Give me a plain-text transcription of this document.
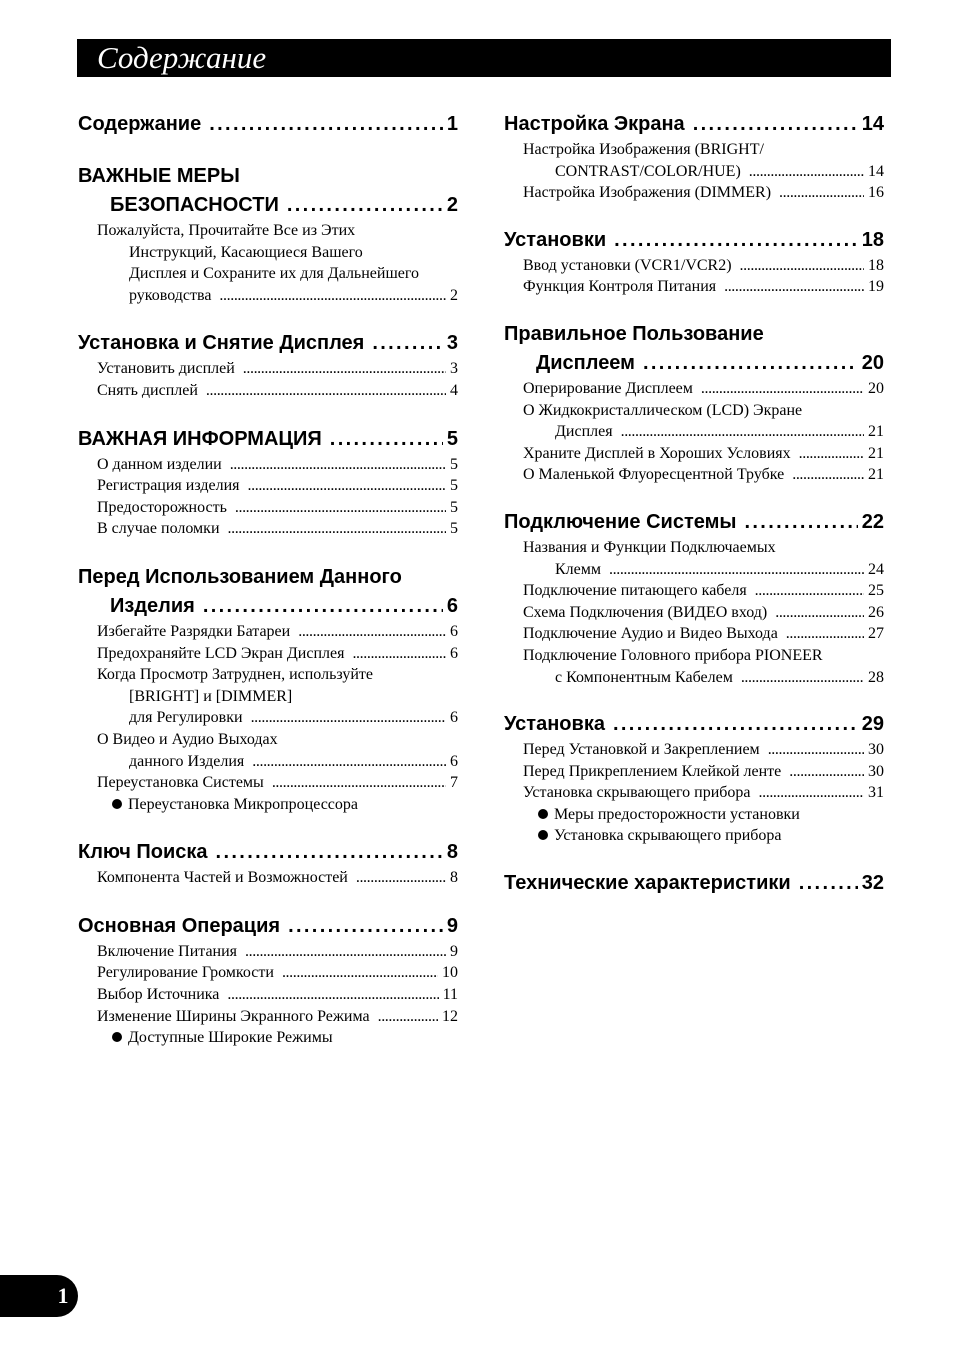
Содержание
Содержание . . .	1
ВАЖНЫЕ МЕРЫ
БЕЗОПАСНОСТИ . . .	2
Пожалуйста, Прочитайте Все из Этих
Инструкций, Касающиеся Вашего
Дисплея и Сохраните их для Дальнейшего
руководства . . .	2
Установка и Снятие Дисплея . . .	3
Установить дисплей . . .	3
Снять дисплей . . .	4
ВАЖНАЯ ИНФОРМАЦИЯ . . .	5
О данном изделии . . .	5
Регистрация изделия . . .	5
Предосторожность . . .	5
В случае поломки . . .	5
Перед Использованием Данного
Изделия . . .	6
Избегайте Разрядки Батареи . . .	6
Предохраняйте LCD Экран Дисплея . . .	6
Когда Просмотр Затруднен, используйте
[BRIGHT] и [DIMMER]
для Регулировки . . .	6
О Видео и Аудио Выходах
данного Изделия . . .	6
Переустановка Системы . . .	7
Переустановка Микропроцессора
Ключ Поиска . . .	8
Компонента Частей и Возможностей . . .	8
Основная Операция . . .	9
Включение Питания . . .	9
Регулирование Громкости . . .	10
Выбор Источника . . .	11
Изменение Ширины Экранного Режима . . .	12
Доступные Широкие Режимы
Настройка Экрана . . .	14
Настройка Изображения (BRIGHT/
CONTRAST/COLOR/HUE) . . .	14
Настройка Изображения (DIMMER) . . .	16
Установки . . .	18
Ввод установки (VCR1/VCR2) . . .	18
Функция Контроля Питания . . .	19
Правильное Пользование
Дисплеем . . .	20
Оперирование Дисплеем . . .	20
О Жидкокристаллическом (LCD) Экране
Дисплея . . .	21
Храните Дисплей в Хороших Условиях . . .	21
О Маленькой Флуоресцентной Трубке . . .	21
Подключение Системы . . .	22
Названия и Функции Подключаемых
Клемм . . .	24
Подключение питающего кабеля . . .	25
Схема Подключения (ВИДЕО вход) . . .	26
Подключение Аудио и Видео Выхода . . .	27
Подключение Головного прибора PIONEER
с Компонентным Кабелем . . .	28
Установка . . .	29
Перед Установкой и Закреплением . . .	30
Перед Прикреплением Клейкой ленте . . .	30
Установка скрывающего прибора . . .	31
Меры предосторожности установки
Установка скрывающего прибора
Технические характеристики . . .	32
1
